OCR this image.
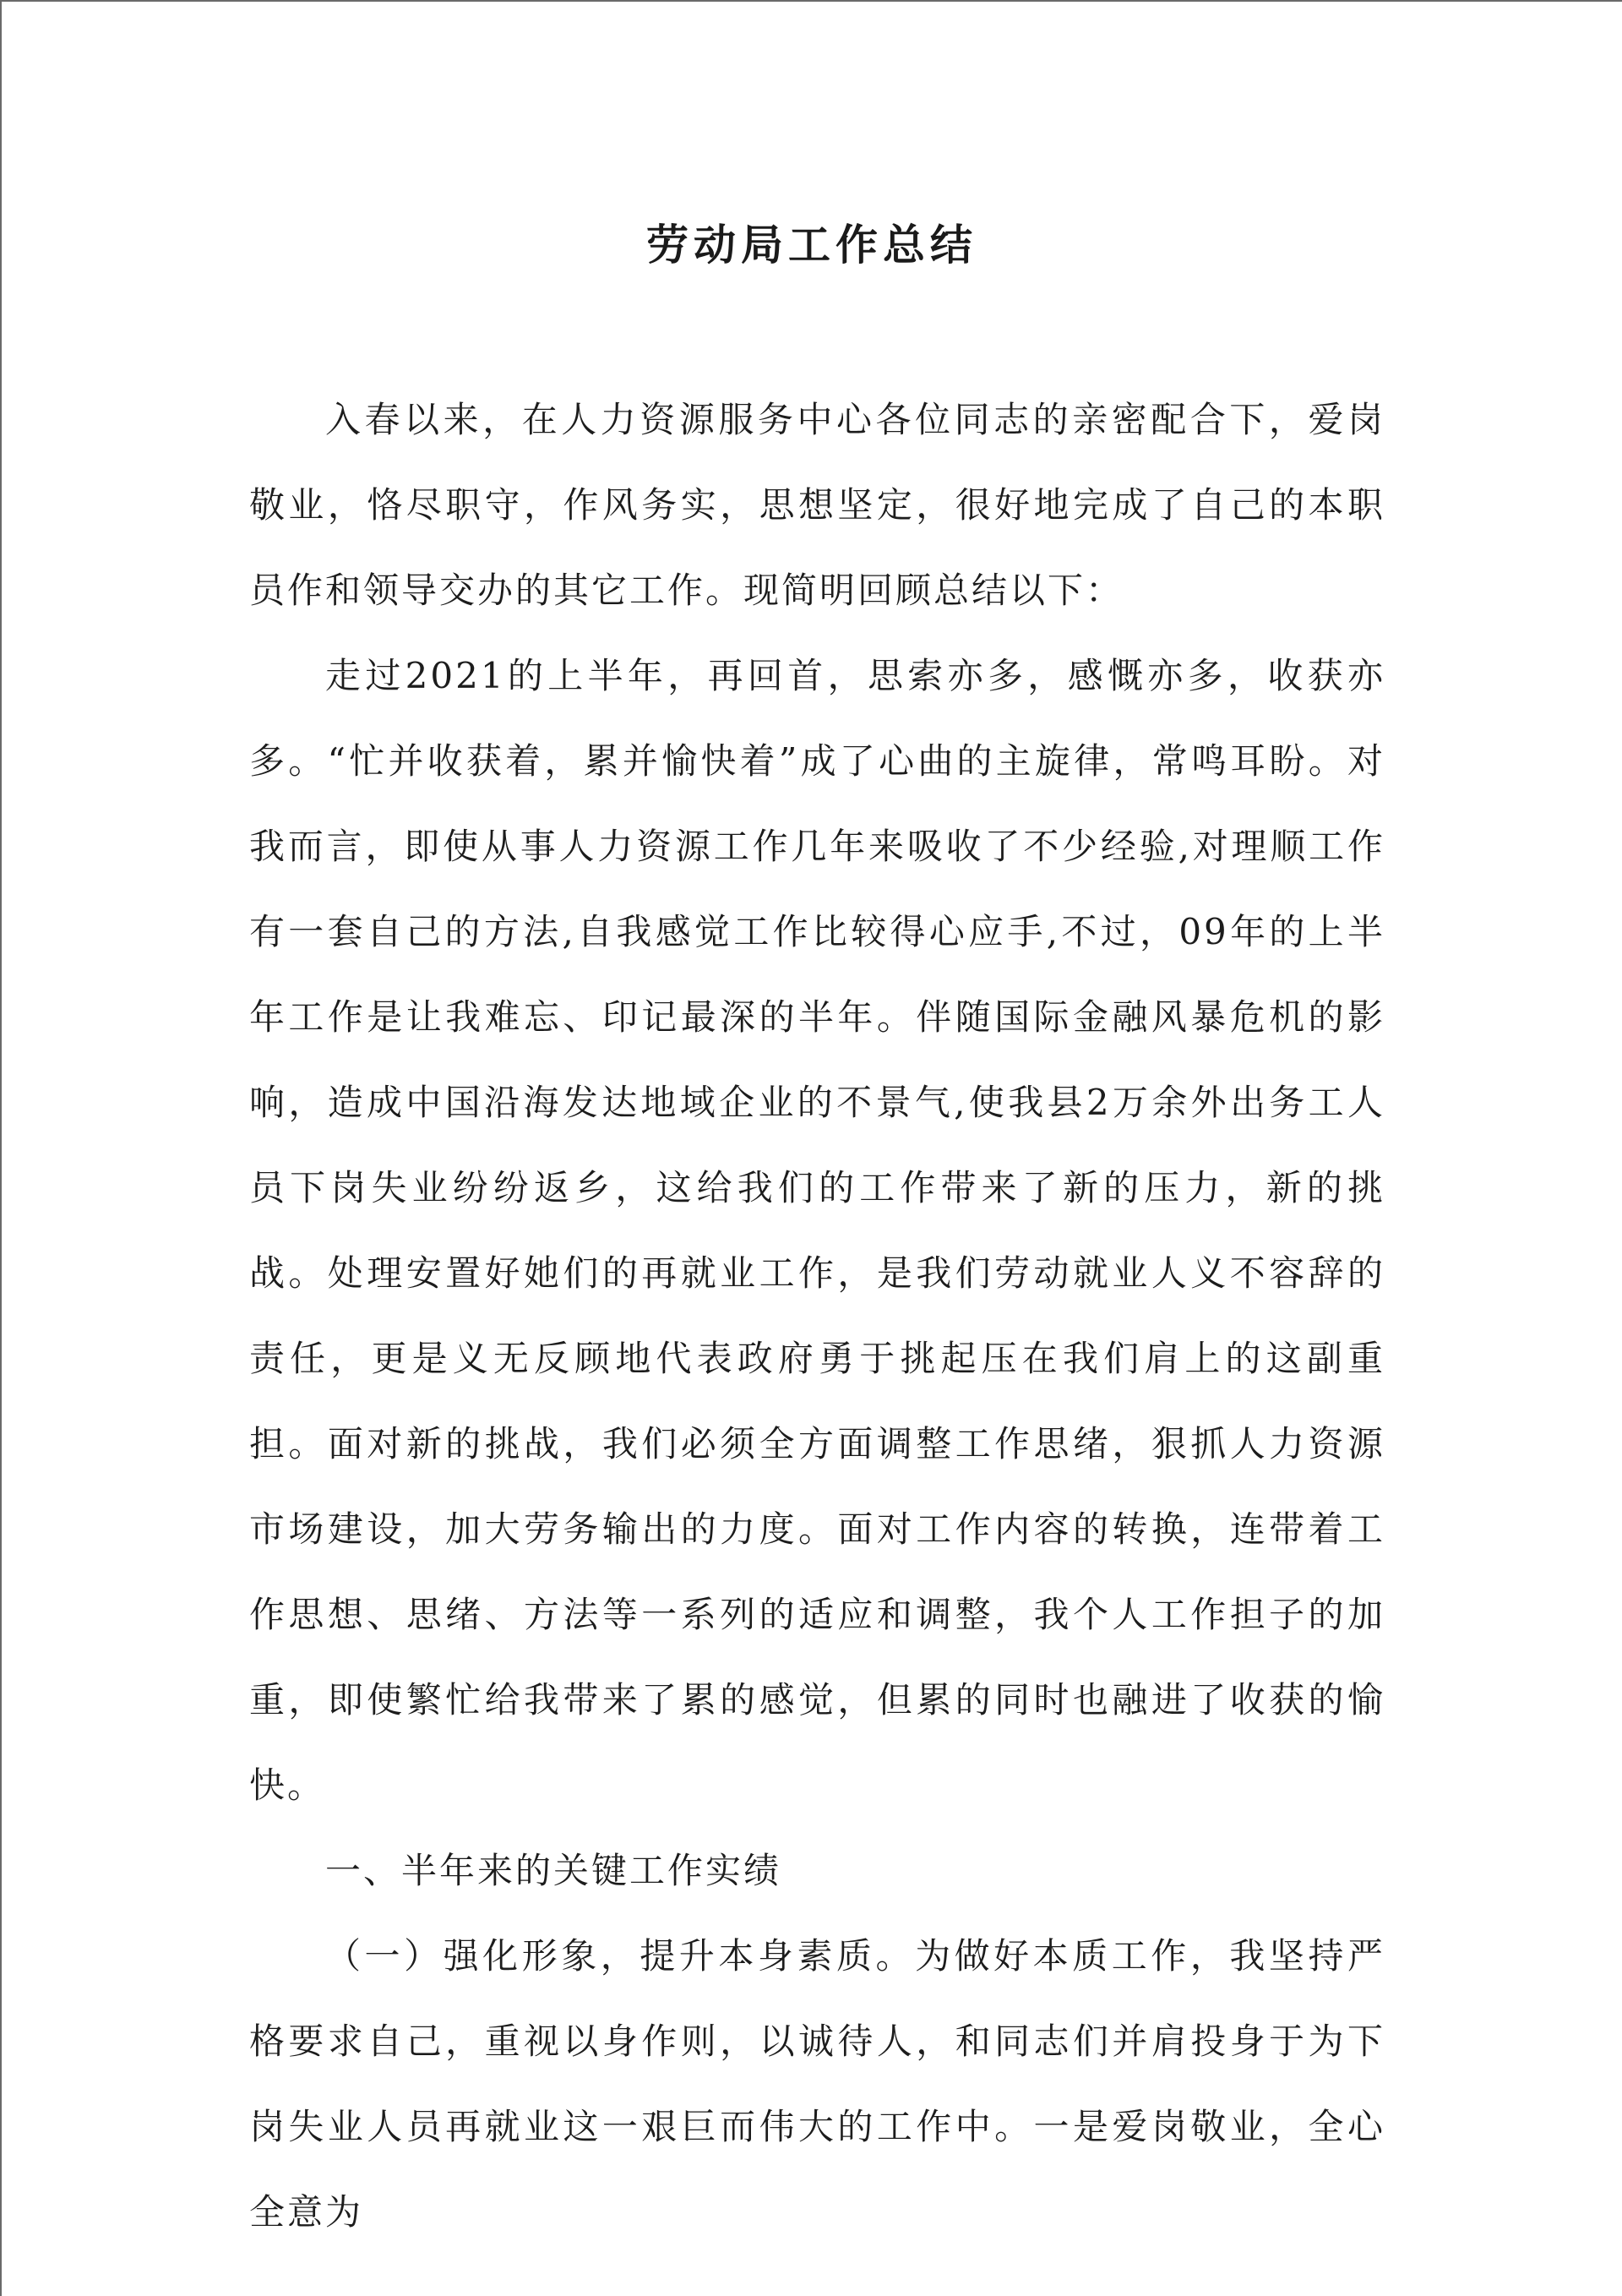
劳动局工作总结

入春以来，在人力资源服务中心各位同志的亲密配合下，爱岗敬业，恪尽职守，作风务实，思想坚定，很好地完成了自己的本职员作和领导交办的其它工作。现简明回顾总结以下：

走过2021的上半年，再回首，思索亦多，感慨亦多，收获亦多。“忙并收获着，累并愉快着”成了心曲的主旋律，常鸣耳盼。对我而言，即使从事人力资源工作几年来吸收了不少经验,对理顺工作有一套自己的方法,自我感觉工作比较得心应手,不过，09年的上半年工作是让我难忘、印记最深的半年。伴随国际金融风暴危机的影响，造成中国沿海发达地域企业的不景气,使我县2万余外出务工人员下岗失业纷纷返乡，这给我们的工作带来了新的压力，新的挑战。处理安置好她们的再就业工作，是我们劳动就业人义不容辞的责任，更是义无反顾地代表政府勇于挑起压在我们肩上的这副重担。面对新的挑战，我们必须全方面调整工作思绪，狠抓人力资源市场建设，加大劳务输出的力度。面对工作内容的转换，连带着工作思想、思绪、方法等一系列的适应和调整，我个人工作担子的加重，即使繁忙给我带来了累的感觉，但累的同时也融进了收获的愉快。

一、半年来的关键工作实绩

（一）强化形象，提升本身素质。为做好本质工作，我坚持严格要求自己，重视以身作则，以诚待人，和同志们并肩投身于为下岗失业人员再就业这一艰巨而伟大的工作中。一是爱岗敬业，全心全意为
